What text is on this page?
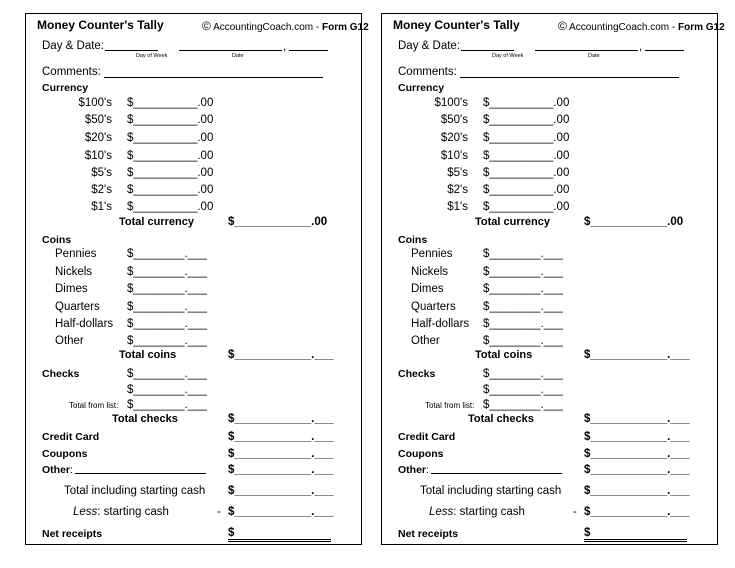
Money Counter's Tally	© AccountingCoach.com - Form G12
Day & Date:	,
Day of Week	Date
Comments:
Currency
$100's $__________.00
$50's $__________.00
$20's $__________.00
$10's $__________.00
$5's $__________.00
$2's $__________.00
$1's $__________.00
Total currency	$____________.00
Coins
Pennies	$________.___
Nickels	$________.___
Dimes	$________.___
Quarters $________.___
Half-dollars $________.___
Other	$________.___
Total coins	$____________.___
Checks	$________.___
$________.___
Total from list: $________.___
Total checks	$____________.___
Credit Card	$____________.___
Coupons	$____________.___
Other:	$____________.___
Total including starting cash $____________.___
Less: starting cash	- $____________.___
Net receipts	$
Money Counter's Tally	© AccountingCoach.com - Form G12
Day & Date:	,
Day of Week	Date
Comments:
Currency
$100's $__________.00
$50's $__________.00
$20's $__________.00
$10's $__________.00
$5's $__________.00
$2's $__________.00
$1's $__________.00
Total currency	$____________.00
Coins
Pennies	$________.___
Nickels	$________.___
Dimes	$________.___
Quarters $________.___
Half-dollars $________.___
Other	$________.___
Total coins	$____________.___
Checks	$________.___
$________.___
Total from list: $________.___
Total checks	$____________.___
Credit Card	$____________.___
Coupons	$____________.___
Other:	$____________.___
Total including starting cash $____________.___
Less: starting cash	- $____________.___
Net receipts	$
